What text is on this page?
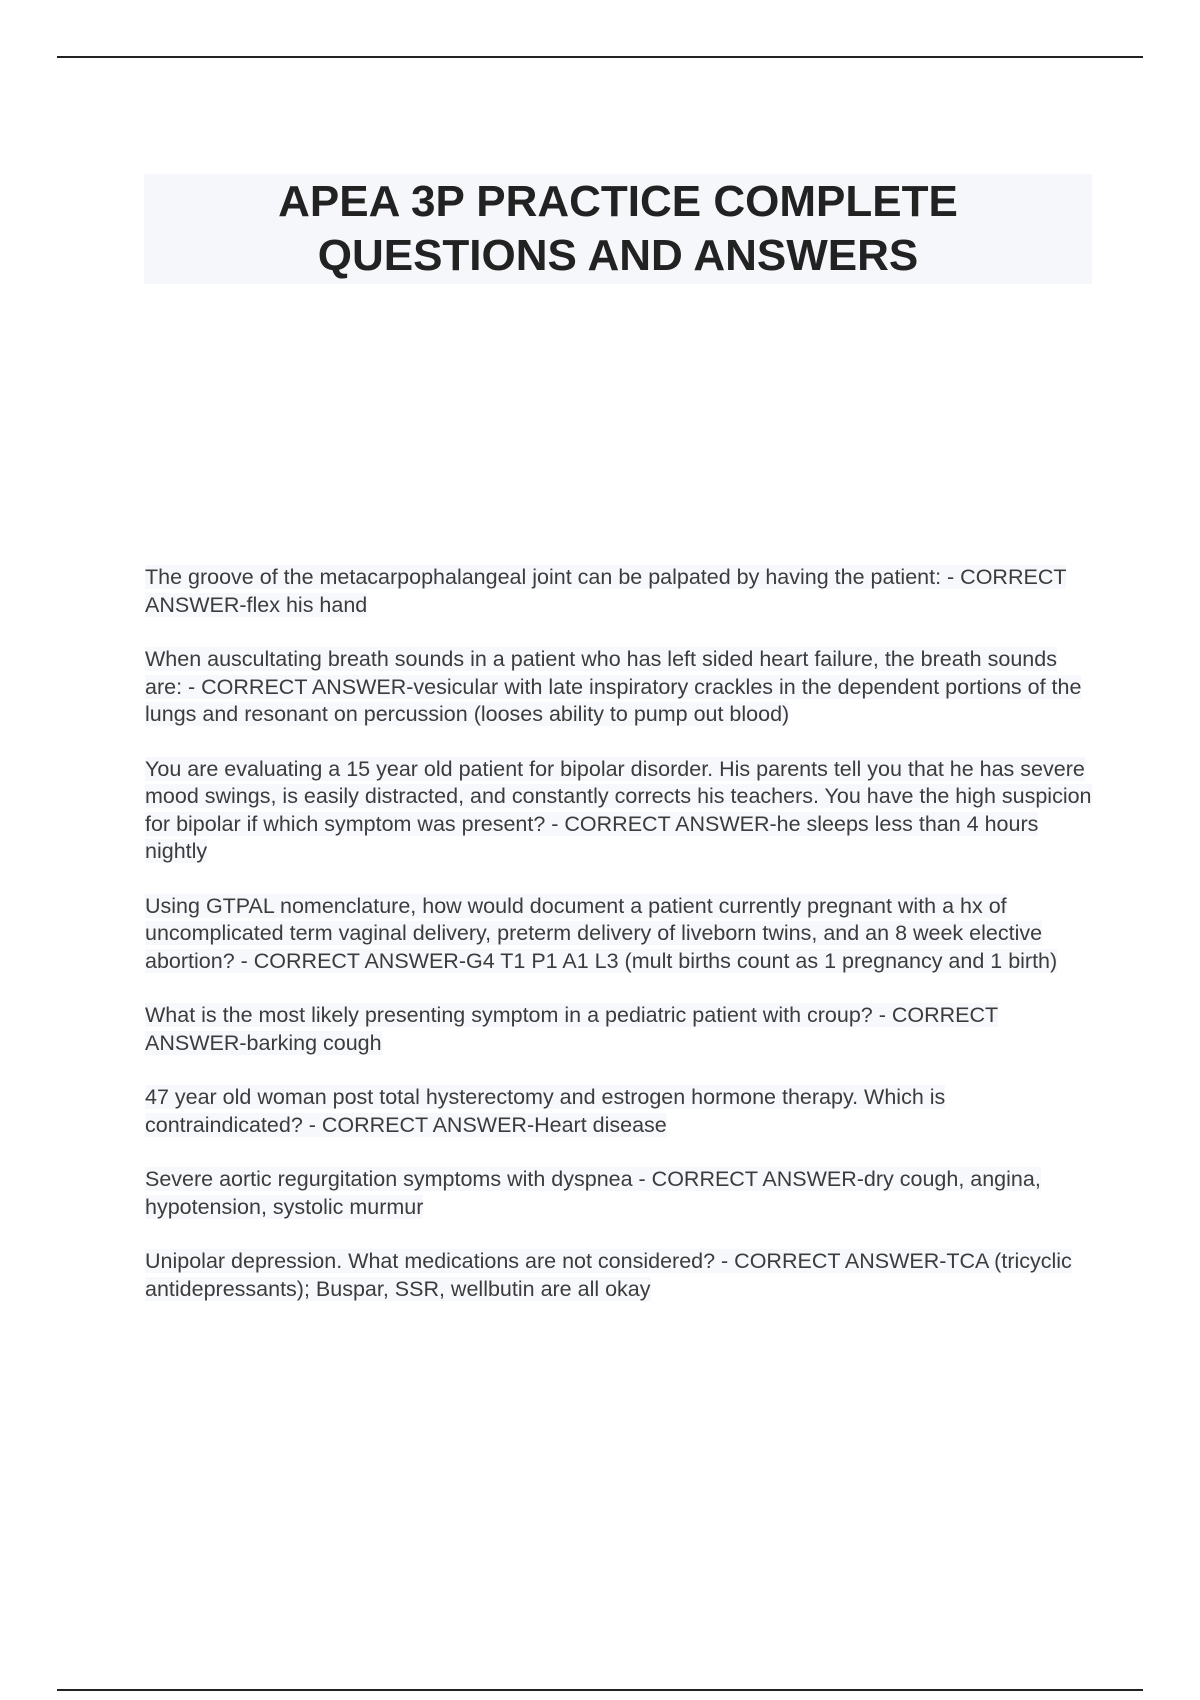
APEA 3P PRACTICE COMPLETE QUESTIONS AND ANSWERS

The groove of the metacarpophalangeal joint can be palpated by having the patient: - CORRECT ANSWER-flex his hand

When auscultating breath sounds in a patient who has left sided heart failure, the breath sounds are: - CORRECT ANSWER-vesicular with late inspiratory crackles in the dependent portions of the lungs and resonant on percussion (looses ability to pump out blood)

You are evaluating a 15 year old patient for bipolar disorder. His parents tell you that he has severe mood swings, is easily distracted, and constantly corrects his teachers. You have the high suspicion for bipolar if which symptom was present? - CORRECT ANSWER-he sleeps less than 4 hours nightly

Using GTPAL nomenclature, how would document a patient currently pregnant with a hx of uncomplicated term vaginal delivery, preterm delivery of liveborn twins, and an 8 week elective abortion? - CORRECT ANSWER-G4 T1 P1 A1 L3 (mult births count as 1 pregnancy and 1 birth)

What is the most likely presenting symptom in a pediatric patient with croup? - CORRECT ANSWER-barking cough

47 year old woman post total hysterectomy and estrogen hormone therapy. Which is contraindicated? - CORRECT ANSWER-Heart disease

Severe aortic regurgitation symptoms with dyspnea - CORRECT ANSWER-dry cough, angina, hypotension, systolic murmur

Unipolar depression. What medications are not considered? - CORRECT ANSWER-TCA (tricyclic antidepressants); Buspar, SSR, wellbutin are all okay
